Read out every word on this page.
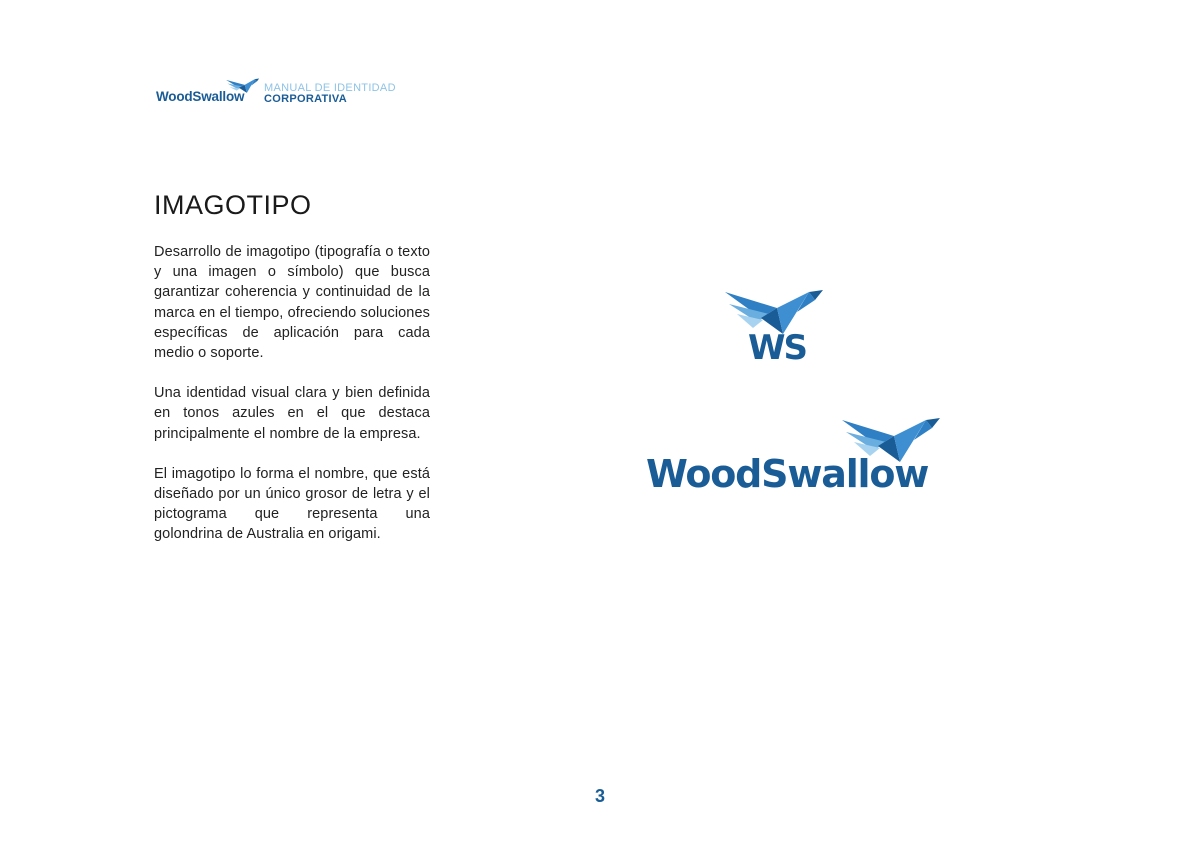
WoodSwallow
MANUAL DE IDENTIDAD
CORPORATIVA
IMAGOTIPO

Desarrollo de imagotipo (tipografía o texto y una imagen o símbolo) que busca garantizar coherencia y continuidad de la marca en el tiempo, ofreciendo soluciones específicas de aplicación para cada medio o soporte.

Una identidad visual clara y bien definida en tonos azules en el que destaca principalmente el nombre de la empresa.

El imagotipo lo forma el nombre, que está diseñado por un único grosor de letra y el pictograma que representa una golondrina de Australia en origami.

WS
WoodSwallow
3
